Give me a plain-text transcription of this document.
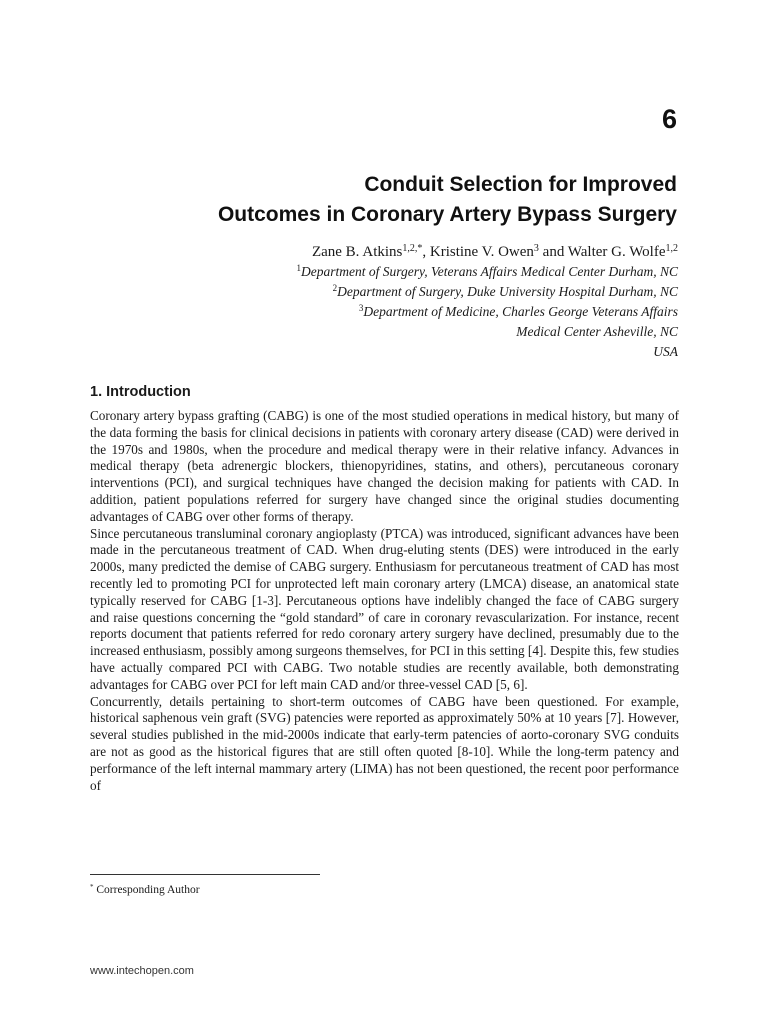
6
Conduit Selection for Improved
Outcomes in Coronary Artery Bypass Surgery
Zane B. Atkins$^{1,2,*}$, Kristine V. Owen$^3$ and Walter G. Wolfe$^{1,2}$
$^1$Department of Surgery, Veterans Affairs Medical Center Durham, NC
$^2$Department of Surgery, Duke University Hospital Durham, NC
$^3$Department of Medicine, Charles George Veterans Affairs
Medical Center Asheville, NC
USA
1. Introduction

Coronary artery bypass grafting (CABG) is one of the most studied operations in medical history, but many of the data forming the basis for clinical decisions in patients with coronary artery disease (CAD) were derived in the 1970s and 1980s, when the procedure and medical therapy were in their relative infancy. Advances in medical therapy (beta adrenergic blockers, thienopyridines, statins, and others), percutaneous coronary interventions (PCI), and surgical techniques have changed the decision making for patients with CAD. In addition, patient populations referred for surgery have changed since the original studies documenting advantages of CABG over other forms of therapy.

Since percutaneous transluminal coronary angioplasty (PTCA) was introduced, significant advances have been made in the percutaneous treatment of CAD. When drug-eluting stents (DES) were introduced in the early 2000s, many predicted the demise of CABG surgery. Enthusiasm for percutaneous treatment of CAD has most recently led to promoting PCI for unprotected left main coronary artery (LMCA) disease, an anatomical state typically reserved for CABG [1-3]. Percutaneous options have indelibly changed the face of CABG surgery and raise questions concerning the “gold standard” of care in coronary revascularization. For instance, recent reports document that patients referred for redo coronary artery surgery have declined, presumably due to the increased enthusiasm, possibly among surgeons themselves, for PCI in this setting [4]. Despite this, few studies have actually compared PCI with CABG. Two notable studies are recently available, both demonstrating advantages for CABG over PCI for left main CAD and/or three-vessel CAD [5, 6].

Concurrently, details pertaining to short-term outcomes of CABG have been questioned. For example, historical saphenous vein graft (SVG) patencies were reported as approximately 50% at 10 years [7]. However, several studies published in the mid-2000s indicate that early-term patencies of aorto-coronary SVG conduits are not as good as the historical figures that are still often quoted [8-10]. While the long-term patency and performance of the left internal mammary artery (LIMA) has not been questioned, the recent poor performance of

* Corresponding Author
www.intechopen.com
